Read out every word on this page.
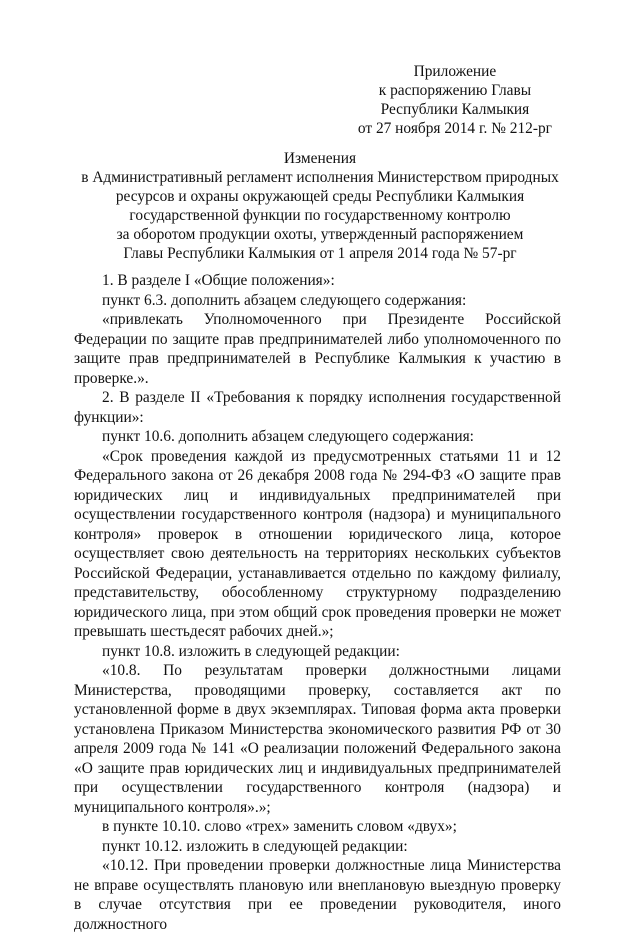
Приложение
к распоряжению Главы
Республики Калмыкия
от 27 ноября 2014 г. № 212-рг
Изменения
в Административный регламент исполнения Министерством природных
ресурсов и охраны окружающей среды Республики Калмыкия
государственной функции по государственному контролю
за оборотом продукции охоты, утвержденный распоряжением
Главы Республики Калмыкия от 1 апреля 2014 года № 57-рг

1. В разделе I «Общие положения»:

пункт 6.3. дополнить абзацем следующего содержания:

«привлекать Уполномоченного при Президенте Российской Федерации по защите прав предпринимателей либо уполномоченного по защите прав предпринимателей в Республике Калмыкия к участию в проверке.».

2. В разделе II «Требования к порядку исполнения государственной функции»:

пункт 10.6. дополнить абзацем следующего содержания:

«Срок проведения каждой из предусмотренных статьями 11 и 12 Федерального закона от 26 декабря 2008 года № 294-ФЗ «О защите прав юридических лиц и индивидуальных предпринимателей при осуществлении государственного контроля (надзора) и муниципального контроля» проверок в отношении юридического лица, которое осуществляет свою деятельность на территориях нескольких субъектов Российской Федерации, устанавливается отдельно по каждому филиалу, представительству, обособленному структурному подразделению юридического лица, при этом общий срок проведения проверки не может превышать шестьдесят рабочих дней.»;

пункт 10.8. изложить в следующей редакции:

«10.8. По результатам проверки должностными лицами Министерства, проводящими проверку, составляется акт по установленной форме в двух экземплярах. Типовая форма акта проверки установлена Приказом Министерства экономического развития РФ от 30 апреля 2009 года № 141 «О реализации положений Федерального закона «О защите прав юридических лиц и индивидуальных предпринимателей при осуществлении государственного контроля (надзора) и муниципального контроля».»;

в пункте 10.10. слово «трех» заменить словом «двух»;

пункт 10.12. изложить в следующей редакции:

«10.12. При проведении проверки должностные лица Министерства не вправе осуществлять плановую или внеплановую выездную проверку в случае отсутствия при ее проведении руководителя, иного должностного
